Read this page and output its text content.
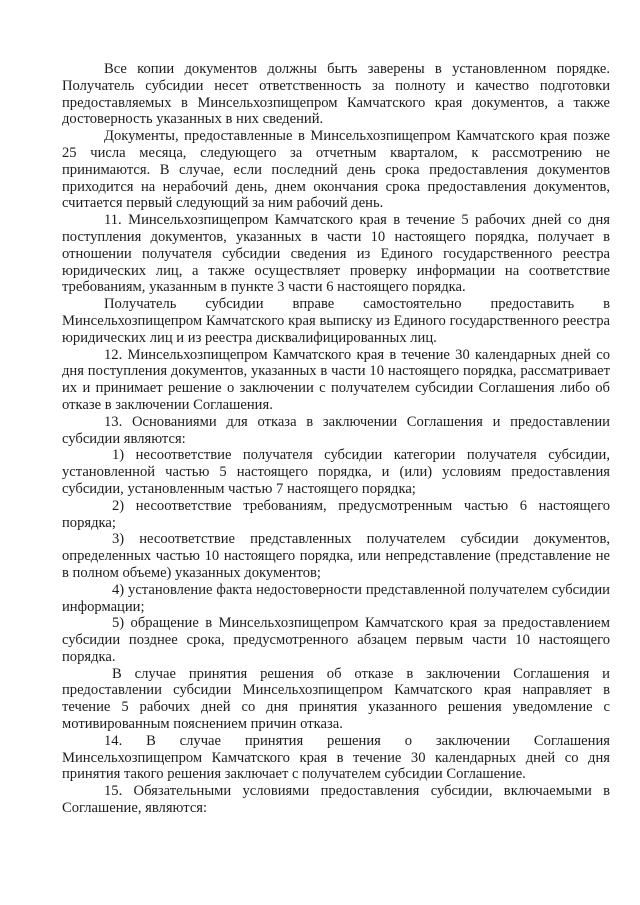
Все копии документов должны быть заверены в установленном порядке. Получатель субсидии несет ответственность за полноту и качество подготовки предоставляемых в Минсельхозпищепром Камчатского края документов, а также достоверность указанных в них сведений.

Документы, предоставленные в Минсельхозпищепром Камчатского края позже 25 числа месяца, следующего за отчетным кварталом, к рассмотрению не принимаются. В случае, если последний день срока предоставления документов приходится на нерабочий день, днем окончания срока предоставления документов, считается первый следующий за ним рабочий день.

11. Минсельхозпищепром Камчатского края в течение 5 рабочих дней со дня поступления документов, указанных в части 10 настоящего порядка, получает в отношении получателя субсидии сведения из Единого государственного реестра юридических лиц, а также осуществляет проверку информации на соответствие требованиям, указанным в пункте 3 части 6 настоящего порядка.

Получатель субсидии вправе самостоятельно предоставить в Минсельхозпищепром Камчатского края выписку из Единого государственного реестра юридических лиц и из реестра дисквалифицированных лиц.

12. Минсельхозпищепром Камчатского края в течение 30 календарных дней со дня поступления документов, указанных в части 10 настоящего порядка, рассматривает их и принимает решение о заключении с получателем субсидии Соглашения либо об отказе в заключении Соглашения.

13. Основаниями для отказа в заключении Соглашения и предоставлении субсидии являются:

1) несоответствие получателя субсидии категории получателя субсидии, установленной частью 5 настоящего порядка, и (или) условиям предоставления субсидии, установленным частью 7 настоящего порядка;

2) несоответствие требованиям, предусмотренным частью 6 настоящего порядка;

3) несоответствие представленных получателем субсидии документов, определенных частью 10 настоящего порядка, или непредставление (представление не в полном объеме) указанных документов;

4) установление факта недостоверности представленной получателем субсидии информации;

5) обращение в Минсельхозпищепром Камчатского края за предоставлением субсидии позднее срока, предусмотренного абзацем первым части 10 настоящего порядка.

В случае принятия решения об отказе в заключении Соглашения и предоставлении субсидии Минсельхозпищепром Камчатского края направляет в течение 5 рабочих дней со дня принятия указанного решения уведомление с мотивированным пояснением причин отказа.

14. В случае принятия решения о заключении Соглашения Минсельхозпищепром Камчатского края в течение 30 календарных дней со дня принятия такого решения заключает с получателем субсидии Соглашение.

15. Обязательными условиями предоставления субсидии, включаемыми в Соглашение, являются:
